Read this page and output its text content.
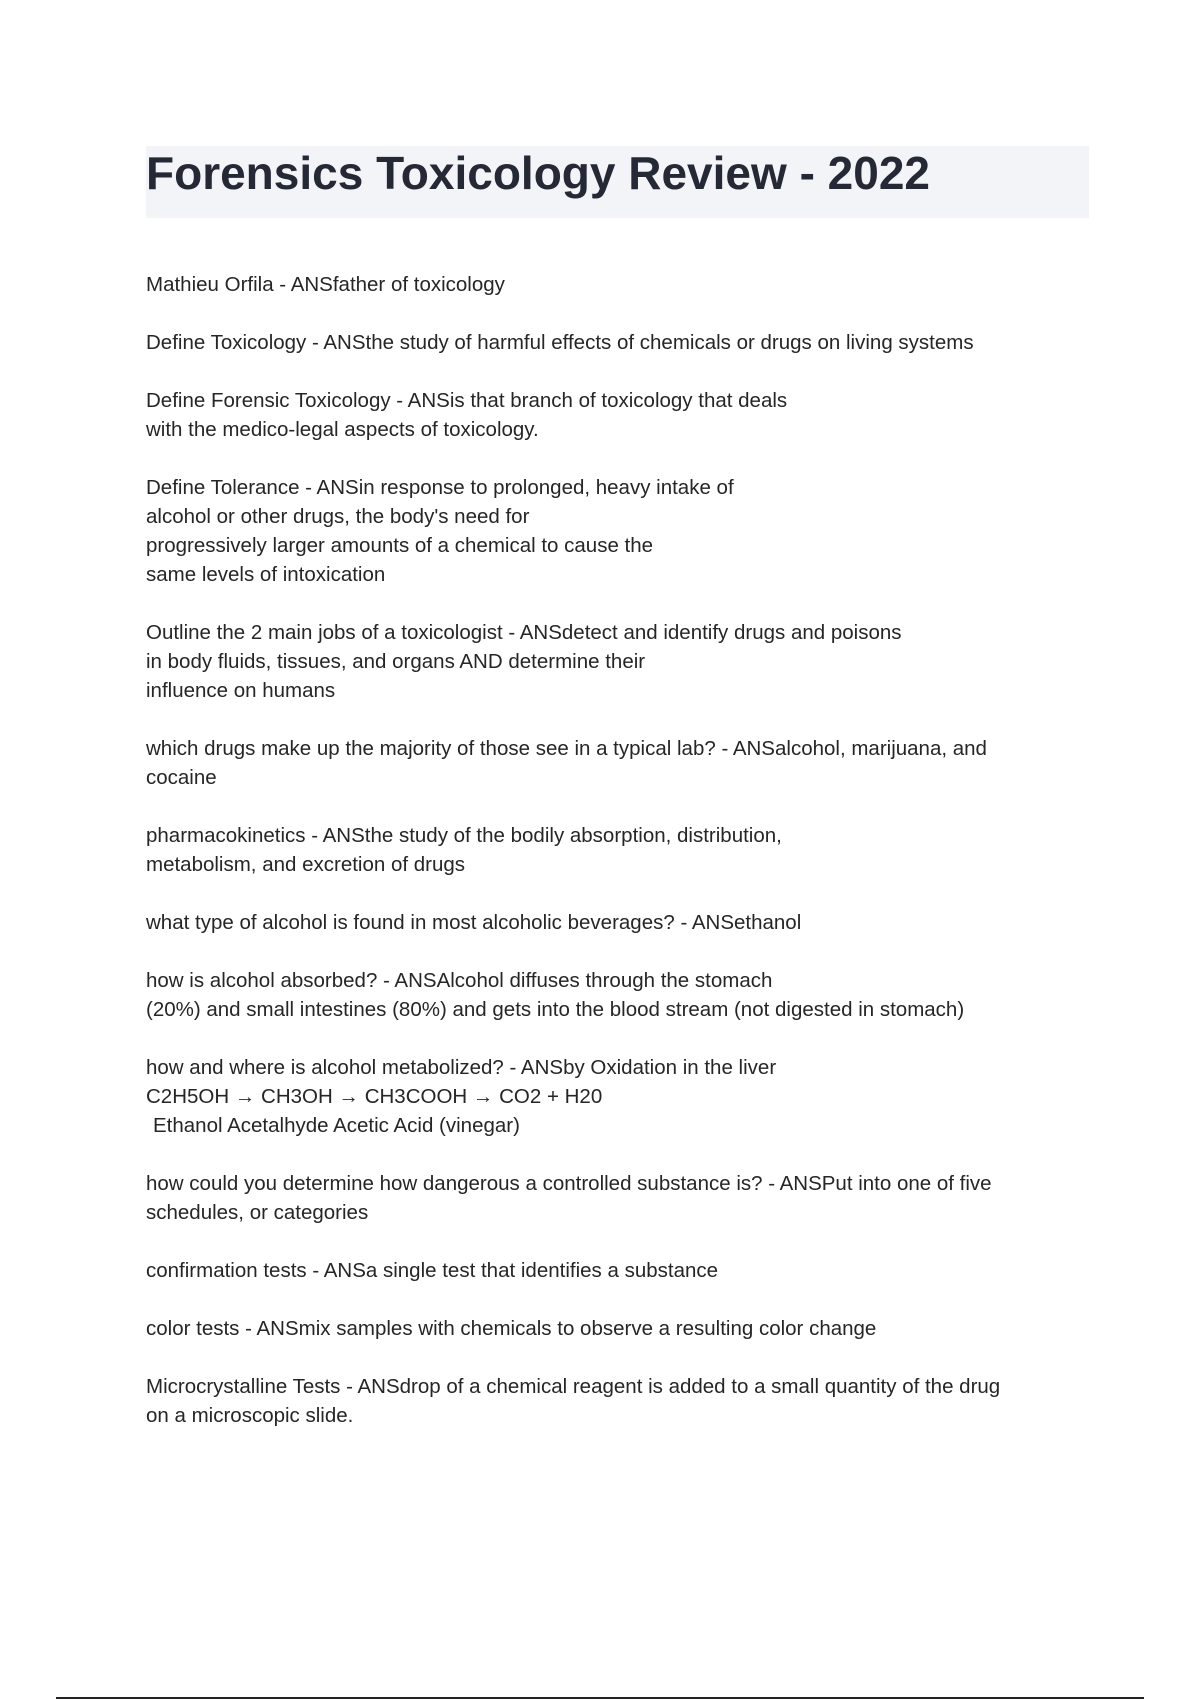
Forensics Toxicology Review - 2022

Mathieu Orfila - ANSfather of toxicology

Define Toxicology - ANSthe study of harmful effects of chemicals or drugs on living systems

Define Forensic Toxicology - ANSis that branch of toxicology that deals
with the medico-legal aspects of toxicology.

Define Tolerance - ANSin response to prolonged, heavy intake of
alcohol or other drugs, the body's need for
progressively larger amounts of a chemical to cause the
same levels of intoxication

Outline the 2 main jobs of a toxicologist - ANSdetect and identify drugs and poisons
in body fluids, tissues, and organs AND determine their
influence on humans

which drugs make up the majority of those see in a typical lab? - ANSalcohol, marijuana, and
cocaine

pharmacokinetics - ANSthe study of the bodily absorption, distribution,
metabolism, and excretion of drugs

what type of alcohol is found in most alcoholic beverages? - ANSethanol

how is alcohol absorbed? - ANSAlcohol diffuses through the stomach
(20%) and small intestines (80%) and gets into the blood stream (not digested in stomach)

how and where is alcohol metabolized? - ANSby Oxidation in the liver
C2H5OH → CH3OH → CH3COOH → CO2 + H20
Ethanol Acetalhyde Acetic Acid (vinegar)

how could you determine how dangerous a controlled substance is? - ANSPut into one of five
schedules, or categories

confirmation tests - ANSa single test that identifies a substance

color tests - ANSmix samples with chemicals to observe a resulting color change

Microcrystalline Tests - ANSdrop of a chemical reagent is added to a small quantity of the drug
on a microscopic slide.
